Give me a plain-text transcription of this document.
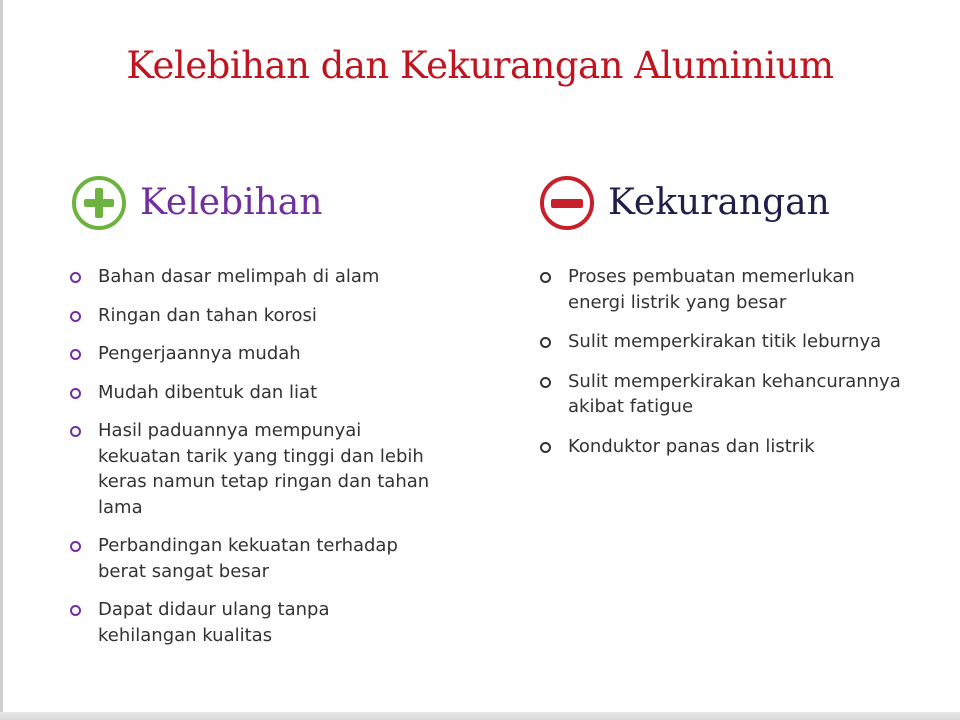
Kelebihan dan Kekurangan Aluminium
Kelebihan
Bahan dasar melimpah di alam
Ringan dan tahan korosi
Pengerjaannya mudah
Mudah dibentuk dan liat
Hasil paduannya mempunyai kekuatan tarik yang tinggi dan lebih keras namun tetap ringan dan tahan lama
Perbandingan kekuatan terhadap berat sangat besar
Dapat didaur ulang tanpa kehilangan kualitas
Kekurangan
Proses pembuatan memerlukan energi listrik yang besar
Sulit memperkirakan titik leburnya
Sulit memperkirakan kehancurannya akibat fatigue
Konduktor panas dan listrik
